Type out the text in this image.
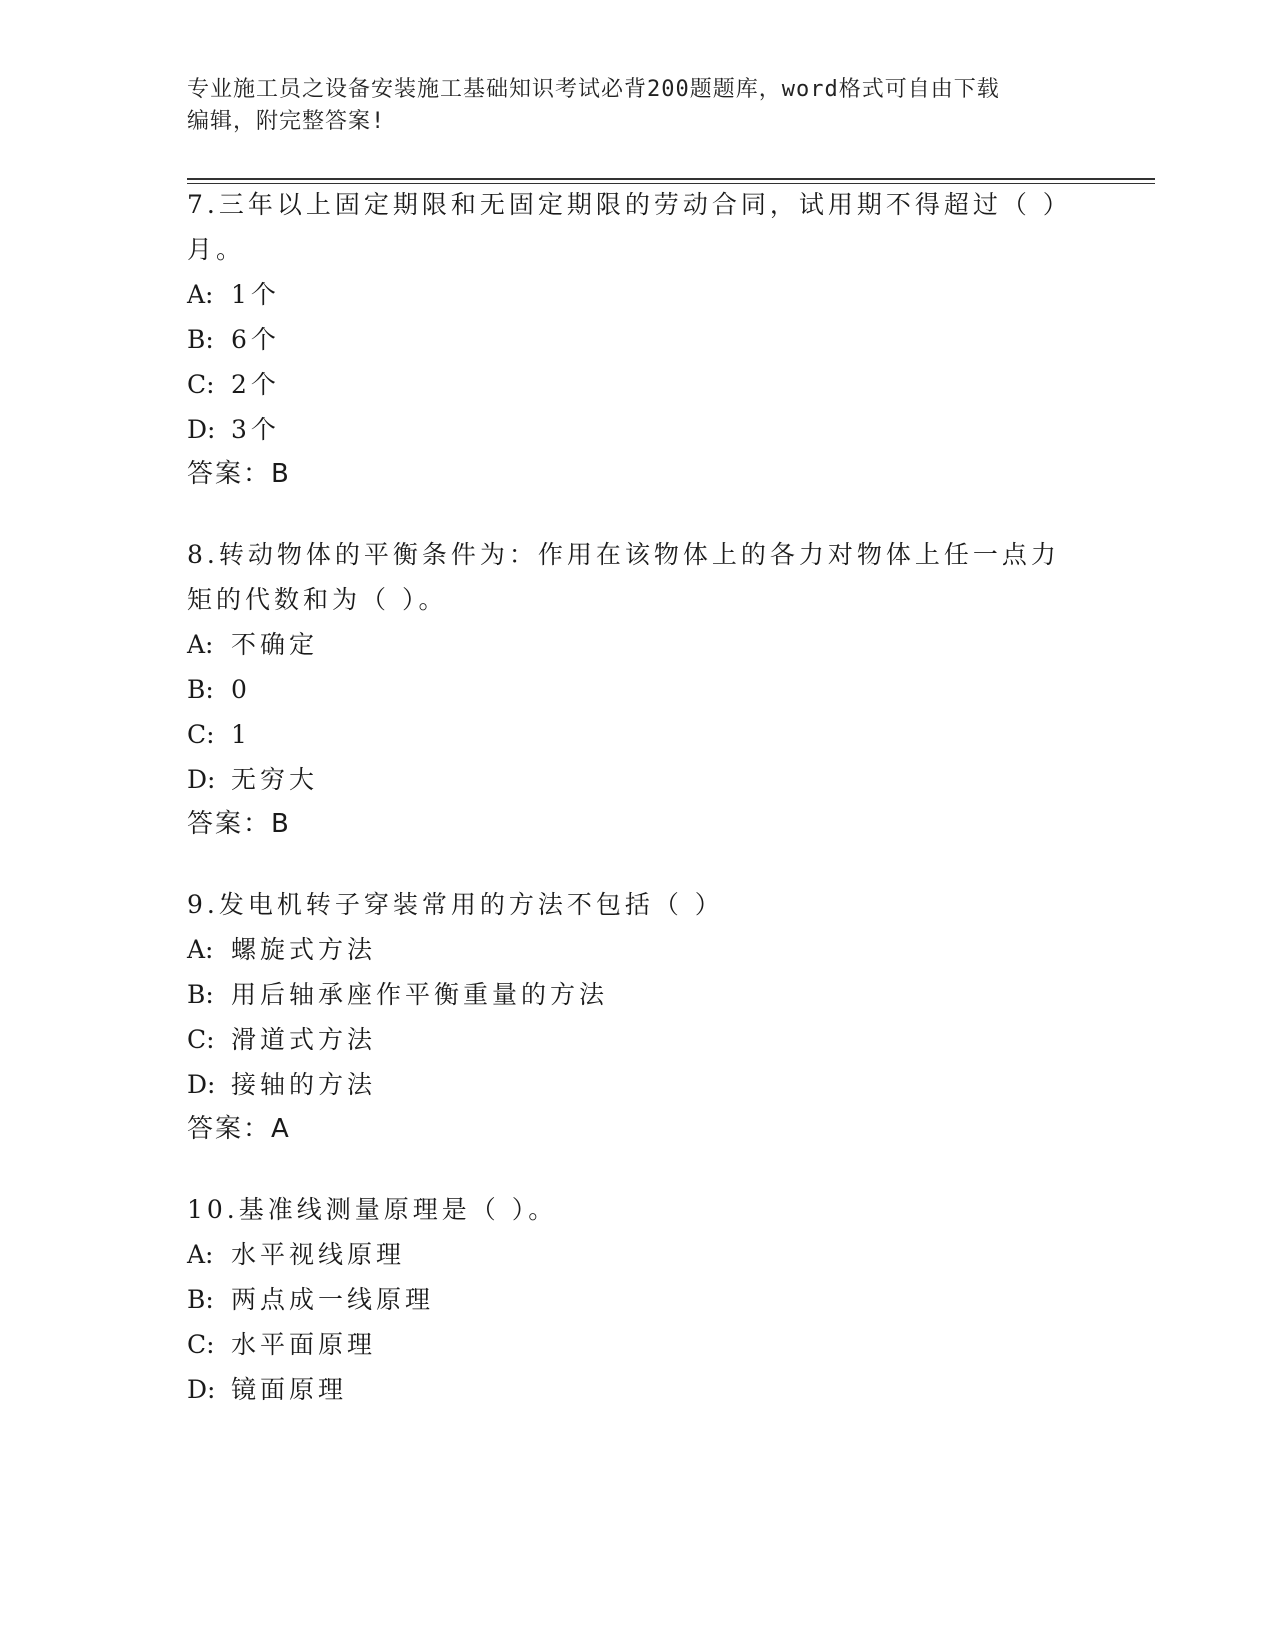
专业施工员之设备安装施工基础知识考试必背200题题库，word格式可自由下载
编辑，附完整答案!

7.三年以上固定期限和无固定期限的劳动合同，试用期不得超过（ ）

月。

A: 1个

B: 6个

C: 2个

D: 3个

答案：B

8.转动物体的平衡条件为：作用在该物体上的各力对物体上任一点力

矩的代数和为（ ）。

A: 不确定

B: 0

C: 1

D: 无穷大

答案：B

9.发电机转子穿装常用的方法不包括（ ）

A: 螺旋式方法

B: 用后轴承座作平衡重量的方法

C: 滑道式方法

D: 接轴的方法

答案：A

10.基准线测量原理是（ ）。

A: 水平视线原理

B: 两点成一线原理

C: 水平面原理

D: 镜面原理
